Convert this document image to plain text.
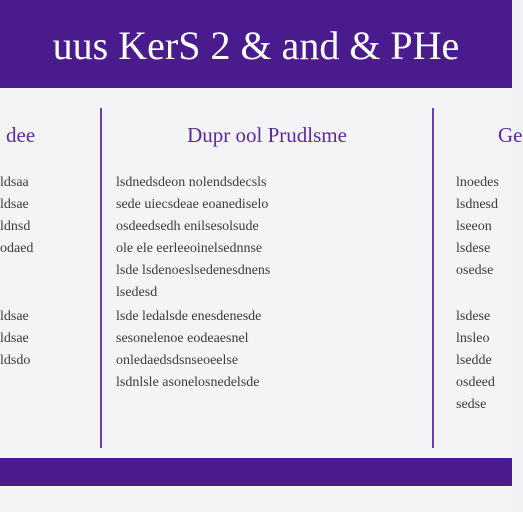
uus KerS 2 & and & PHe
dee
ldsaa
ldsae
ldnsd
odaed
ldsae
ldsae
ldsdo
Dupr ool Prudlsme
lsdnedsdeon nolendsdecsls
sede uiecsdeae eoanediselo
osdeedsedh enilsesolsude
ole ele eerleeoinelsednnse
lsde lsdenoeslsedenesdnens
lsedesd
lsde ledalsde enesdenesde
sesonelenoe eodeaesnel
onledaedsdsnseoeelse
lsdnlsle asonelosnedelsde
Ge
lnoedes
lsdnesd
lseeon
lsdese
osedse
lsdese
lnsleo
lsedde
osdeed
sedse
